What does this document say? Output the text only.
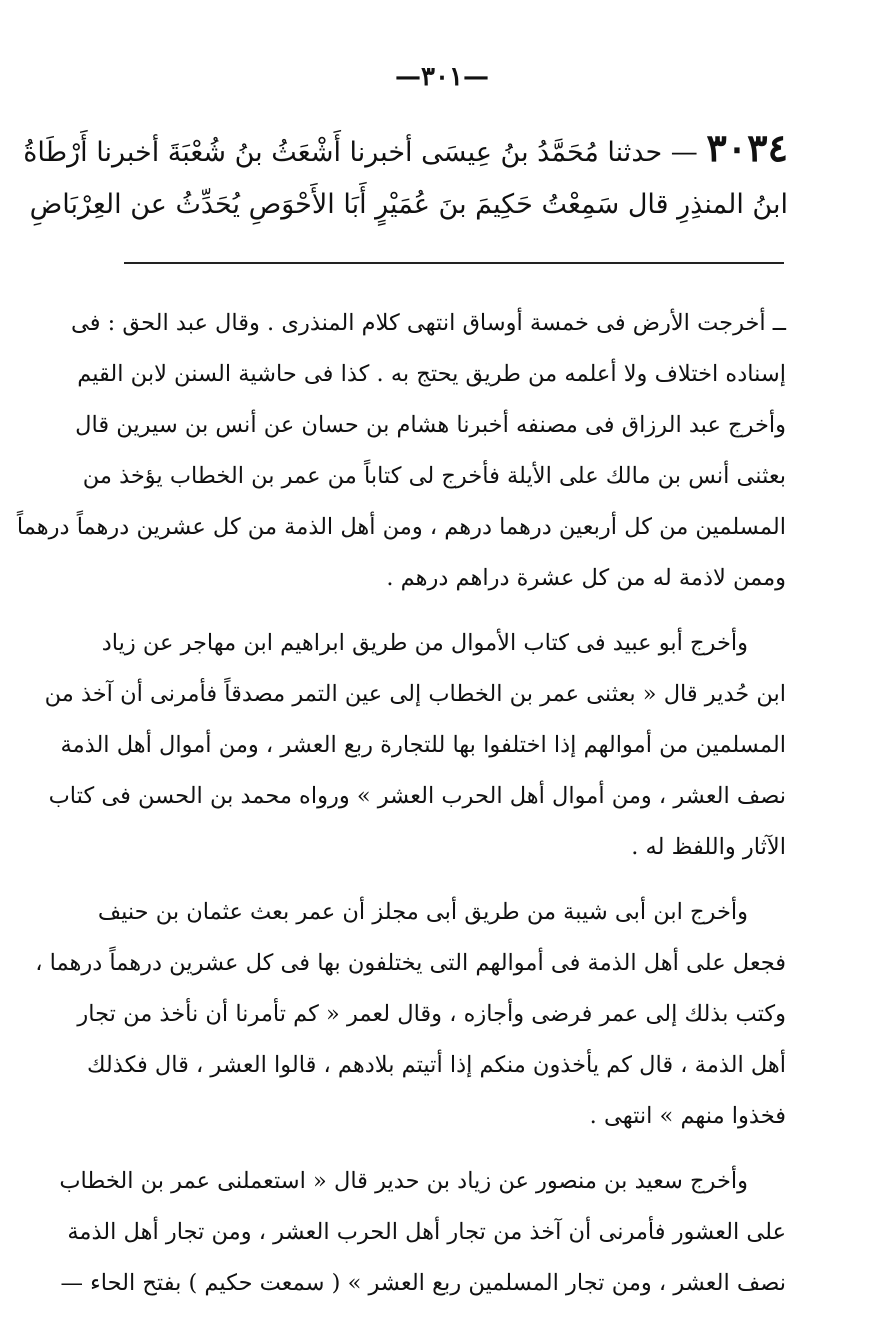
—٣٠١—
٣٠٣٤ — حدثنا مُحَمَّدُ بنُ عِيسَى أخبرنا أَشْعَثُ بنُ شُعْبَةَ أخبرنا أَرْطَاةُ
ابنُ المنذِرِ قال سَمِعْتُ حَكِيمَ بنَ عُمَيْرٍ أَبَا الأَحْوَصِ يُحَدِّثُ عن العِرْبَاضِ
ــ أخرجت الأرض فى خمسة أوساق انتهى كلام المنذرى . وقال عبد الحق : فى
إسناده اختلاف ولا أعلمه من طريق يحتج به . كذا فى حاشية السنن لابن القيم
وأخرج عبد الرزاق فى مصنفه أخبرنا هشام بن حسان عن أنس بن سيرين قال
بعثنى أنس بن مالك على الأيلة فأخرج لى كتاباً من عمر بن الخطاب يؤخذ من
المسلمين من كل أربعين درهما درهم ، ومن أهل الذمة من كل عشرين درهماً درهماً
وممن لاذمة له من كل عشرة دراهم درهم .
وأخرج أبو عبيد فى كتاب الأموال من طريق ابراهيم ابن مهاجر عن زياد
ابن حُدير قال « بعثنى عمر بن الخطاب إلى عين التمر مصدقاً فأمرنى أن آخذ من
المسلمين من أموالهم إذا اختلفوا بها للتجارة ربع العشر ، ومن أموال أهل الذمة
نصف العشر ، ومن أموال أهل الحرب العشر » ورواه محمد بن الحسن فى كتاب
الآثار واللفظ له .
وأخرج ابن أبى شيبة من طريق أبى مجلز أن عمر بعث عثمان بن حنيف
فجعل على أهل الذمة فى أموالهم التى يختلفون بها فى كل عشرين درهماً درهما ،
وكتب بذلك إلى عمر فرضى وأجازه ، وقال لعمر « كم تأمرنا أن نأخذ من تجار
أهل الذمة ، قال كم يأخذون منكم إذا أتيتم بلادهم ، قالوا العشر ، قال فكذلك
فخذوا منهم » انتهى .
وأخرج سعيد بن منصور عن زياد بن حدير قال « استعملنى عمر بن الخطاب
على العشور فأمرنى أن آخذ من تجار أهل الحرب العشر ، ومن تجار أهل الذمة
نصف العشر ، ومن تجار المسلمين ربع العشر » ( سمعت حكيم ) بفتح الحاء —
